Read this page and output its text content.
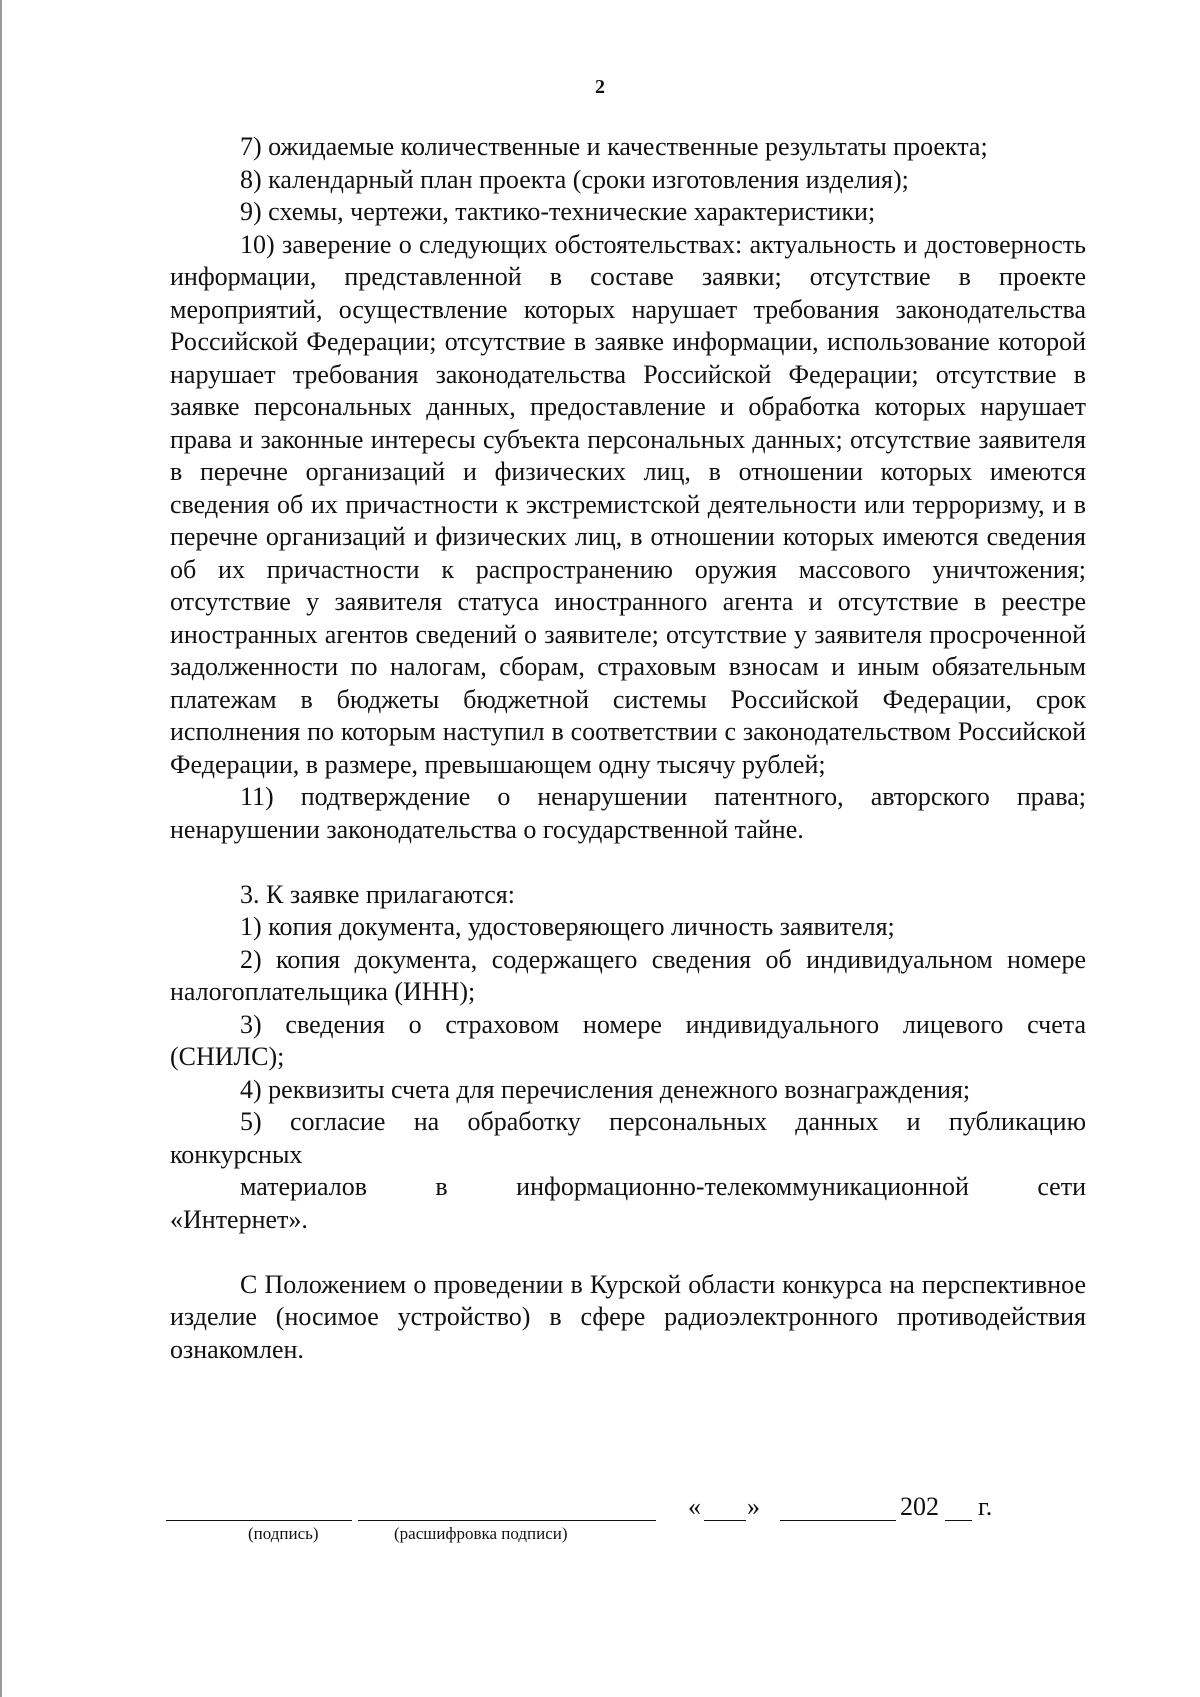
2

7) ожидаемые количественные и качественные результаты проекта;

8) календарный план проекта (сроки изготовления изделия);

9) схемы, чертежи, тактико-технические характеристики;

10) заверение о следующих обстоятельствах: актуальность и достоверность информации, представленной в составе заявки; отсутствие в проекте мероприятий, осуществление которых нарушает требования законодательства Российской Федерации; отсутствие в заявке информации, использование которой нарушает требования законодательства Российской Федерации; отсутствие в заявке персональных данных, предоставление и обработка которых нарушает права и законные интересы субъекта персональных данных; отсутствие заявителя в перечне организаций и физических лиц, в отношении которых имеются сведения об их причастности к экстремистской деятельности или терроризму, и в перечне организаций и физических лиц, в отношении которых имеются сведения об их причастности к распространению оружия массового уничтожения; отсутствие у заявителя статуса иностранного агента и отсутствие в реестре иностранных агентов сведений о заявителе; отсутствие у заявителя просроченной задолженности по налогам, сборам, страховым взносам и иным обязательным платежам в бюджеты бюджетной системы Российской Федерации, срок исполнения по которым наступил в соответствии с законодательством Российской Федерации, в размере, превышающем одну тысячу рублей;

11) подтверждение о ненарушении патентного, авторского права; ненарушении законодательства о государственной тайне.

3. К заявке прилагаются:

1) копия документа, удостоверяющего личность заявителя;

2) копия документа, содержащего сведения об индивидуальном номере налогоплательщика (ИНН);

3) сведения о страховом номере индивидуального лицевого счета (СНИЛС);

4) реквизиты счета для перечисления денежного вознаграждения;

5) согласие на обработку персональных данных и публикацию

конкурсных

материалов в информационно-телекоммуникационной сети

«Интернет».

С Положением о проведении в Курской области конкурса на перспективное изделие (носимое устройство) в сфере радиоэлектронного противодействия ознакомлен.

(подпись)	(расшифровка подписи)
« »	202 г.
